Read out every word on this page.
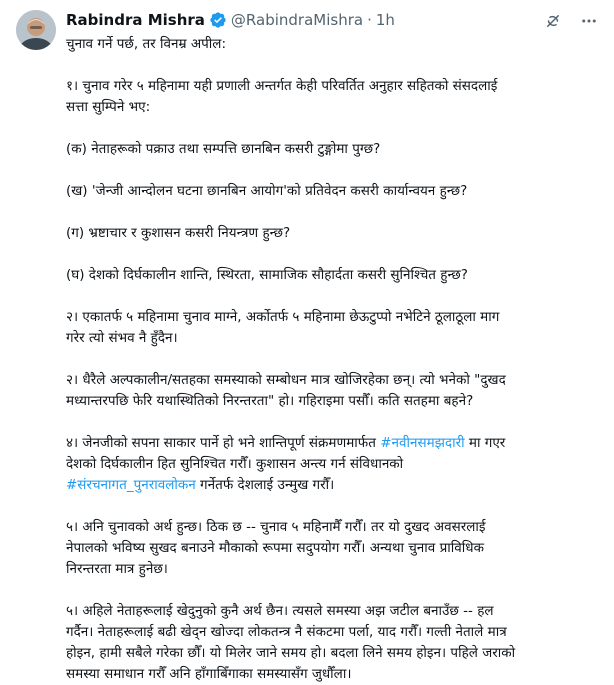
Rabindra Mishra @RabindraMishra · 1h

चुनाव गर्ने पर्छ, तर विनम्र अपील:

१। चुनाव गरेर ५ महिनामा यही प्रणाली अन्तर्गत केही परिवर्तित अनुहार सहितको संसदलाई

सत्ता सुम्पिने भए:

(क) नेताहरूको पक्राउ तथा सम्पत्ति छानबिन कसरी टुङ्गोमा पुग्छ?

(ख) 'जेन्जी आन्दोलन घटना छानबिन आयोग'को प्रतिवेदन कसरी कार्यान्वयन हुन्छ?

(ग) भ्रष्टाचार र कुशासन कसरी नियन्त्रण हुन्छ?

(घ) देशको दिर्घकालीन शान्ति, स्थिरता, सामाजिक सौहार्दता कसरी सुनिश्चित हुन्छ?

२। एकातर्फ ५ महिनामा चुनाव माग्ने, अर्कोतर्फ ५ महिनामा छेऊटुप्पो नभेटिने ठूलाठूला माग

गरेर त्यो संभव नै हुँदैन।

२। धैरैले अल्पकालीन/सतहका समस्याको सम्बोधन मात्र खोजिरहेका छन्। त्यो भनेको "दुखद

मध्यान्तरपछि फेरि यथास्थितिको निरन्तरता" हो। गहिराइमा पसौँ। कति सतहमा बहने?

४। जेनजीको सपना साकार पार्ने हो भने शान्तिपूर्ण संक्रमणमार्फत #नवीनसमझदारी मा गएर

देशको दिर्घकालीन हित सुनिश्चित गरौँ। कुशासन अन्त्य गर्न संविधानको

#संरचनागत_पुनरावलोकन गर्नेतर्फ देशलाई उन्मुख गरौँ।

५। अनि चुनावको अर्थ हुन्छ। ठिक छ -- चुनाव ५ महिनामैँ गरौँ। तर यो दुखद अवसरलाई

नेपालको भविष्य सुखद बनाउने मौकाको रूपमा सदुपयोग गरौँ। अन्यथा चुनाव प्राविधिक

निरन्तरता मात्र हुनेछ।

५। अहिले नेताहरूलाई खेदुनुको कुनै अर्थ छैन। त्यसले समस्या अझ जटील बनाउँछ -- हल

गर्दैन। नेताहरूलाई बढी खेद्न खोज्दा लोकतन्त्र नै संकटमा पर्ला, याद गरौँ। गल्ती नेताले मात्र

होइन, हामी सबैले गरेका छौँ। यो मिलेर जाने समय हो। बदला लिने समय होइन। पहिले जराको

समस्या समाधान गरौँ अनि हाँगाबिँगाका समस्यासँग जुधौँला।
